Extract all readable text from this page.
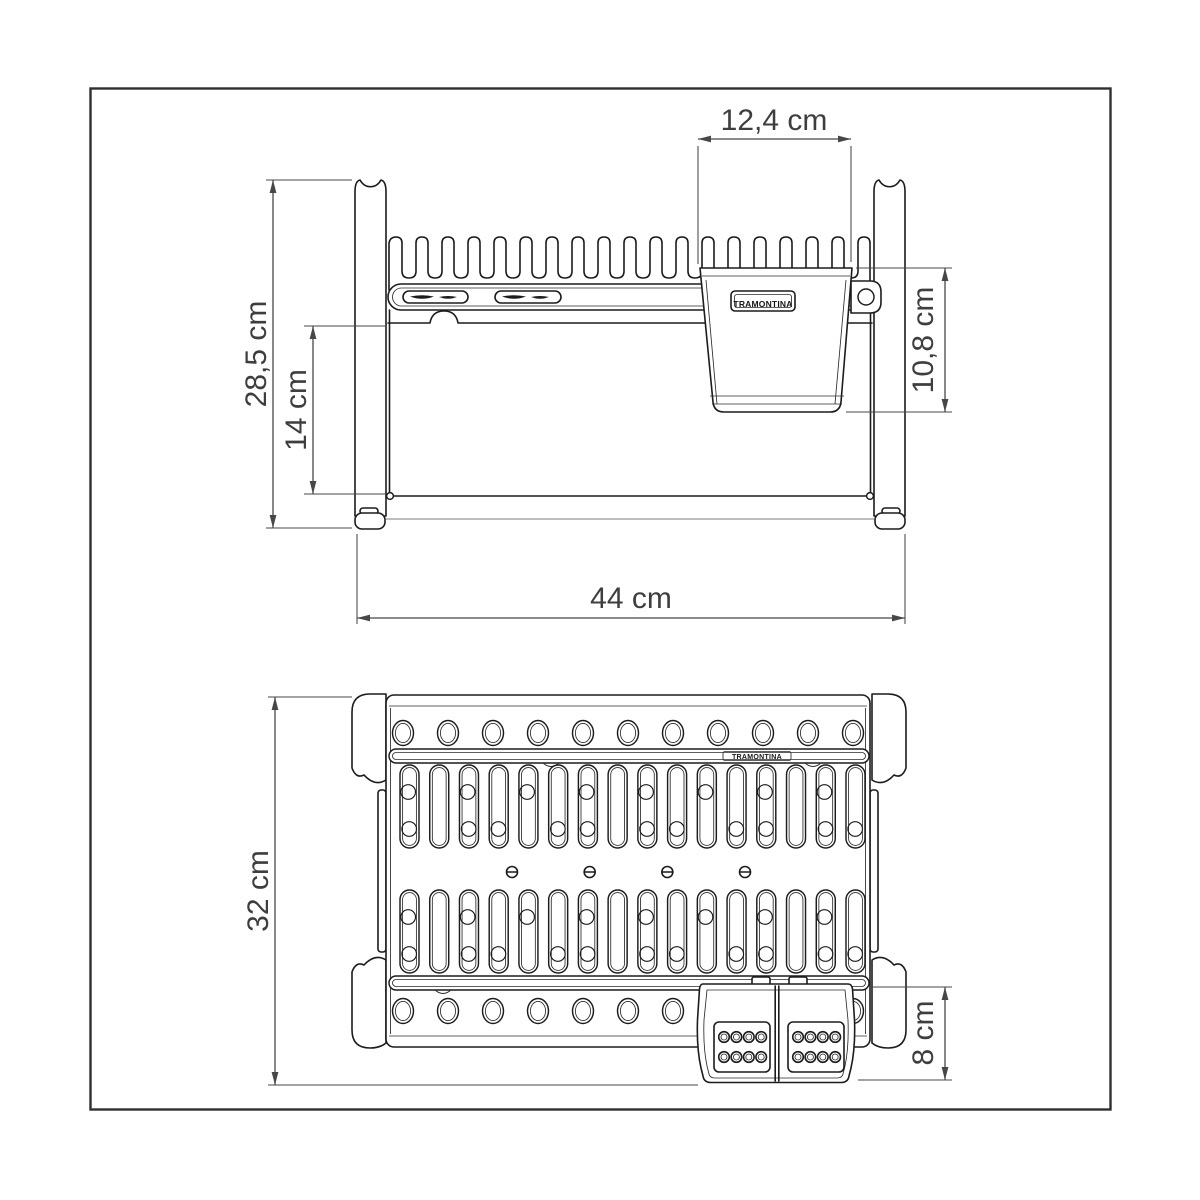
TRAMONTINA
12,4 cm
10,8 cm
28,5 cm
14 cm
44 cm
TRAMONTINA
32 cm
8 cm
